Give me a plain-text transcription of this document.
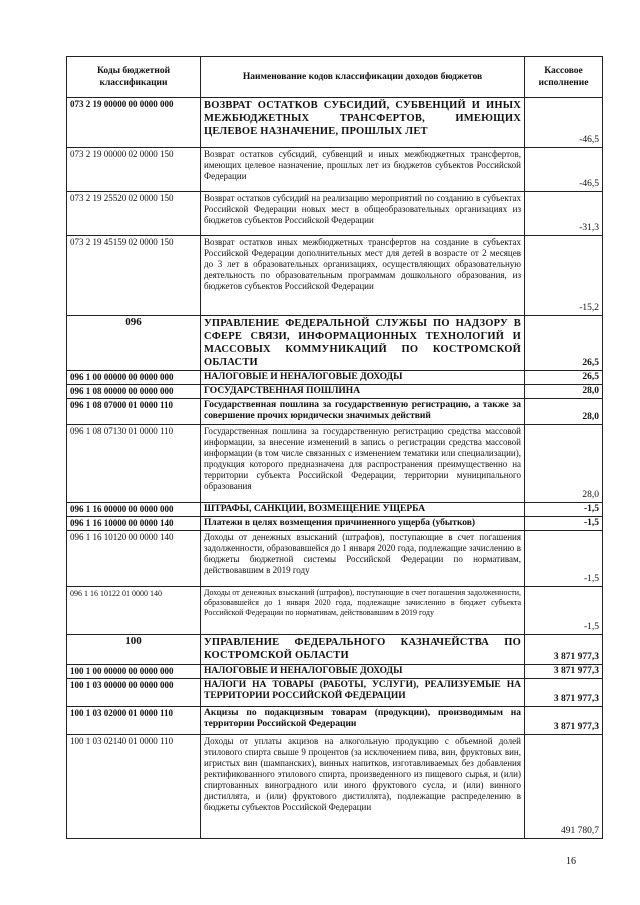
Коды бюджетной классификации	Наименование кодов классификации доходов бюджетов	Кассовое исполнение
073 2 19 00000 00 0000 000	ВОЗВРАТ ОСТАТКОВ СУБСИДИЙ, СУБВЕНЦИЙ И ИНЫХ МЕЖБЮДЖЕТНЫХ ТРАНСФЕРТОВ, ИМЕЮЩИХ ЦЕЛЕВОЕ НАЗНАЧЕНИЕ, ПРОШЛЫХ ЛЕТ	-46,5
073 2 19 00000 02 0000 150	Возврат остатков субсидий, субвенций и иных межбюджетных трансфертов, имеющих целевое назначение, прошлых лет из бюджетов субъектов Российской Федерации	-46,5
073 2 19 25520 02 0000 150	Возврат остатков субсидий на реализацию мероприятий по созданию в субъектах Российской Федерации новых мест в общеобразовательных организациях из бюджетов субъектов Российской Федерации	-31,3
073 2 19 45159 02 0000 150	Возврат остатков иных межбюджетных трансфертов на создание в субъектах Российской Федерации дополнительных мест для детей в возрасте от 2 месяцев до 3 лет в образовательных организациях, осуществляющих образовательную деятельность по образовательным программам дошкольного образования, из бюджетов субъектов Российской Федерации	-15,2
096	УПРАВЛЕНИЕ ФЕДЕРАЛЬНОЙ СЛУЖБЫ ПО НАДЗОРУ В СФЕРЕ СВЯЗИ, ИНФОРМАЦИОННЫХ ТЕХНОЛОГИЙ И МАССОВЫХ КОММУНИКАЦИЙ ПО КОСТРОМСКОЙ ОБЛАСТИ	26,5
096 1 00 00000 00 0000 000	НАЛОГОВЫЕ И НЕНАЛОГОВЫЕ ДОХОДЫ	26,5
096 1 08 00000 00 0000 000	ГОСУДАРСТВЕННАЯ ПОШЛИНА	28,0
096 1 08 07000 01 0000 110	Государственная пошлина за государственную регистрацию, а также за совершение прочих юридически значимых действий	28,0
096 1 08 07130 01 0000 110	Государственная пошлина за государственную регистрацию средства массовой информации, за внесение изменений в запись о регистрации средства массовой информации (в том числе связанных с изменением тематики или специализации), продукция которого предназначена для распространения преимущественно на территории субъекта Российской Федерации, территории муниципального образования	28,0
096 1 16 00000 00 0000 000	ШТРАФЫ, САНКЦИИ, ВОЗМЕЩЕНИЕ УЩЕРБА	-1,5
096 1 16 10000 00 0000 140	Платежи в целях возмещения причиненного ущерба (убытков)	-1,5
096 1 16 10120 00 0000 140	Доходы от денежных взысканий (штрафов), поступающие в счет погашения задолженности, образовавшейся до 1 января 2020 года, подлежащие зачислению в бюджеты бюджетной системы Российской Федерации по нормативам, действовавшим в 2019 году	-1,5
096 1 16 10122 01 0000 140	Доходы от денежных взысканий (штрафов), поступающие в счет погашения задолженности, образовавшейся до 1 января 2020 года, подлежащие зачислению в бюджет субъекта Российской Федерации по нормативам, действовавшим в 2019 году	-1,5
100	УПРАВЛЕНИЕ ФЕДЕРАЛЬНОГО КАЗНАЧЕЙСТВА ПО КОСТРОМСКОЙ ОБЛАСТИ	3 871 977,3
100 1 00 00000 00 0000 000	НАЛОГОВЫЕ И НЕНАЛОГОВЫЕ ДОХОДЫ	3 871 977,3
100 1 03 00000 00 0000 000	НАЛОГИ НА ТОВАРЫ (РАБОТЫ, УСЛУГИ), РЕАЛИЗУЕМЫЕ НА ТЕРРИТОРИИ РОССИЙСКОЙ ФЕДЕРАЦИИ	3 871 977,3
100 1 03 02000 01 0000 110	Акцизы по подакцизным товарам (продукции), производимым на территории Российской Федерации	3 871 977,3
100 1 03 02140 01 0000 110	Доходы от уплаты акцизов на алкогольную продукцию с объемной долей этилового спирта свыше 9 процентов (за исключением пива, вин, фруктовых вин, игристых вин (шампанских), винных напитков, изготавливаемых без добавления ректификованного этилового спирта, произведенного из пищевого сырья, и (или) спиртованных виноградного или иного фруктового сусла, и (или) винного дистиллята, и (или) фруктового дистиллята), подлежащие распределению в бюджеты субъектов Российской Федерации	491 780,7
16
